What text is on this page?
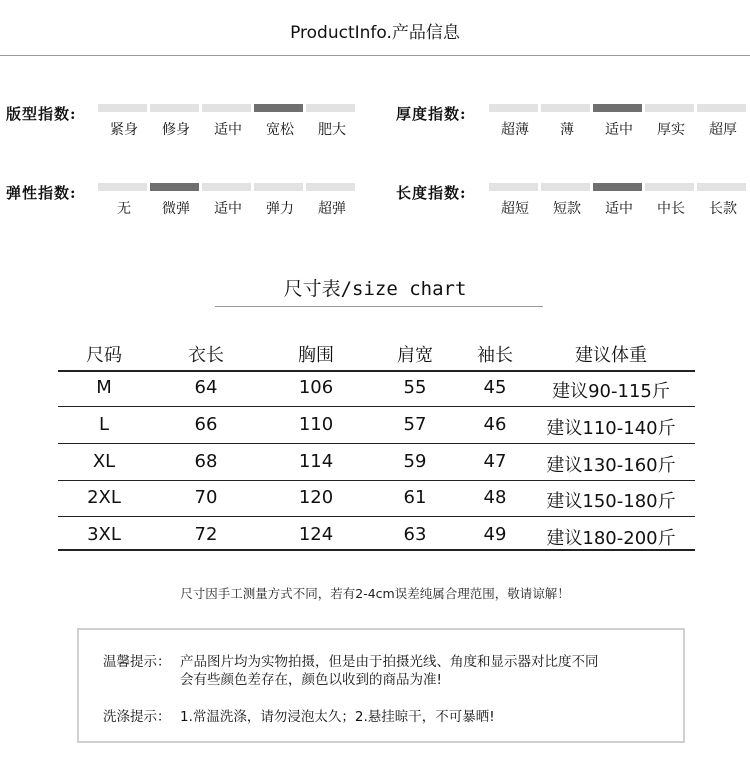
ProductInfo.产品信息
版型指数:
紧身	修身	适中	宽松	肥大
厚度指数:
超薄	薄	适中	厚实	超厚
弹性指数:
无	微弹	适中	弹力	超弹
长度指数:
超短	短款	适中	中长	长款
尺寸表/size chart
尺码	衣长	胸围	肩宽	袖长	建议体重
M	64	106	55	45	建议90-115斤
L	66	110	57	46	建议110-140斤
XL	68	114	59	47	建议130-160斤
2XL	70	120	61	48	建议150-180斤
3XL	72	124	63	49	建议180-200斤
尺寸因手工测量方式不同，若有2-4cm误差纯属合理范围，敬请谅解！
温馨提示： 产品图片均为实物拍摄，但是由于拍摄光线、角度和显示器对比度不同
会有些颜色差存在，颜色以收到的商品为准!
洗涤提示： 1.常温洗涤，请勿浸泡太久；2.悬挂晾干，不可暴晒!
